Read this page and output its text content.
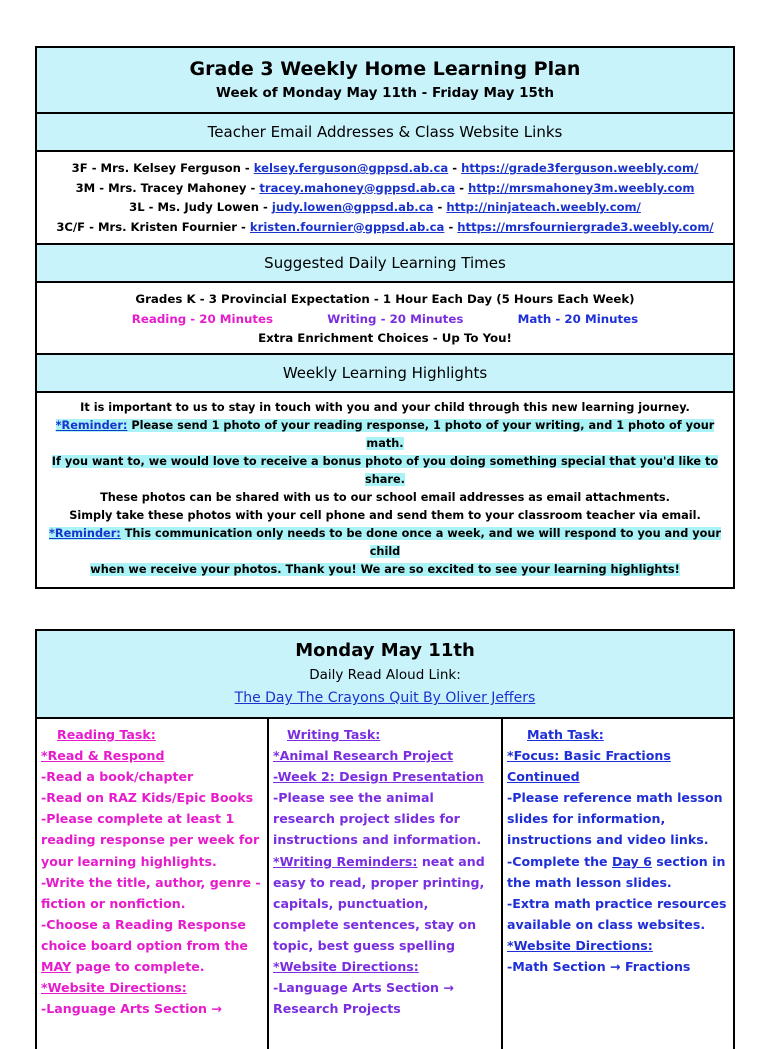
Grade 3 Weekly Home Learning Plan
Week of Monday May 11th - Friday May 15th
Teacher Email Addresses & Class Website Links
3F - Mrs. Kelsey Ferguson - kelsey.ferguson@gppsd.ab.ca - https://grade3ferguson.weebly.com/
3M - Mrs. Tracey Mahoney - tracey.mahoney@gppsd.ab.ca - http://mrsmahoney3m.weebly.com
3L - Ms. Judy Lowen - judy.lowen@gppsd.ab.ca - http://ninjateach.weebly.com/
3C/F - Mrs. Kristen Fournier - kristen.fournier@gppsd.ab.ca - https://mrsfourniergrade3.weebly.com/
Suggested Daily Learning Times
Grades K - 3 Provincial Expectation - 1 Hour Each Day (5 Hours Each Week)
Reading - 20 Minutes	Writing - 20 Minutes	Math - 20 Minutes
Extra Enrichment Choices - Up To You!
Weekly Learning Highlights
It is important to us to stay in touch with you and your child through this new learning journey.
*Reminder: Please send 1 photo of your reading response, 1 photo of your writing, and 1 photo of your math.
If you want to, we would love to receive a bonus photo of you doing something special that you'd like to share.
These photos can be shared with us to our school email addresses as email attachments.
Simply take these photos with your cell phone and send them to your classroom teacher via email.
*Reminder: This communication only needs to be done once a week, and we will respond to you and your child
when we receive your photos. Thank you! We are so excited to see your learning highlights!
Monday May 11th
Daily Read Aloud Link:
The Day The Crayons Quit By Oliver Jeffers
Reading Task:
*Read & Respond
-Read a book/chapter
-Read on RAZ Kids/Epic Books
-Please complete at least 1
reading response per week for
your learning highlights.
-Write the title, author, genre -
fiction or nonfiction.
-Choose a Reading Response
choice board option from the
MAY page to complete.
*Website Directions:
-Language Arts Section →
Writing Task:
*Animal Research Project
-Week 2: Design Presentation
-Please see the animal
research project slides for
instructions and information.
*Writing Reminders: neat and
easy to read, proper printing,
capitals, punctuation,
complete sentences, stay on
topic, best guess spelling
*Website Directions:
-Language Arts Section →
Research Projects
Math Task:
*Focus: Basic Fractions
Continued
-Please reference math lesson
slides for information,
instructions and video links.
-Complete the Day 6 section in
the math lesson slides.
-Extra math practice resources
available on class websites.
*Website Directions:
-Math Section → Fractions
